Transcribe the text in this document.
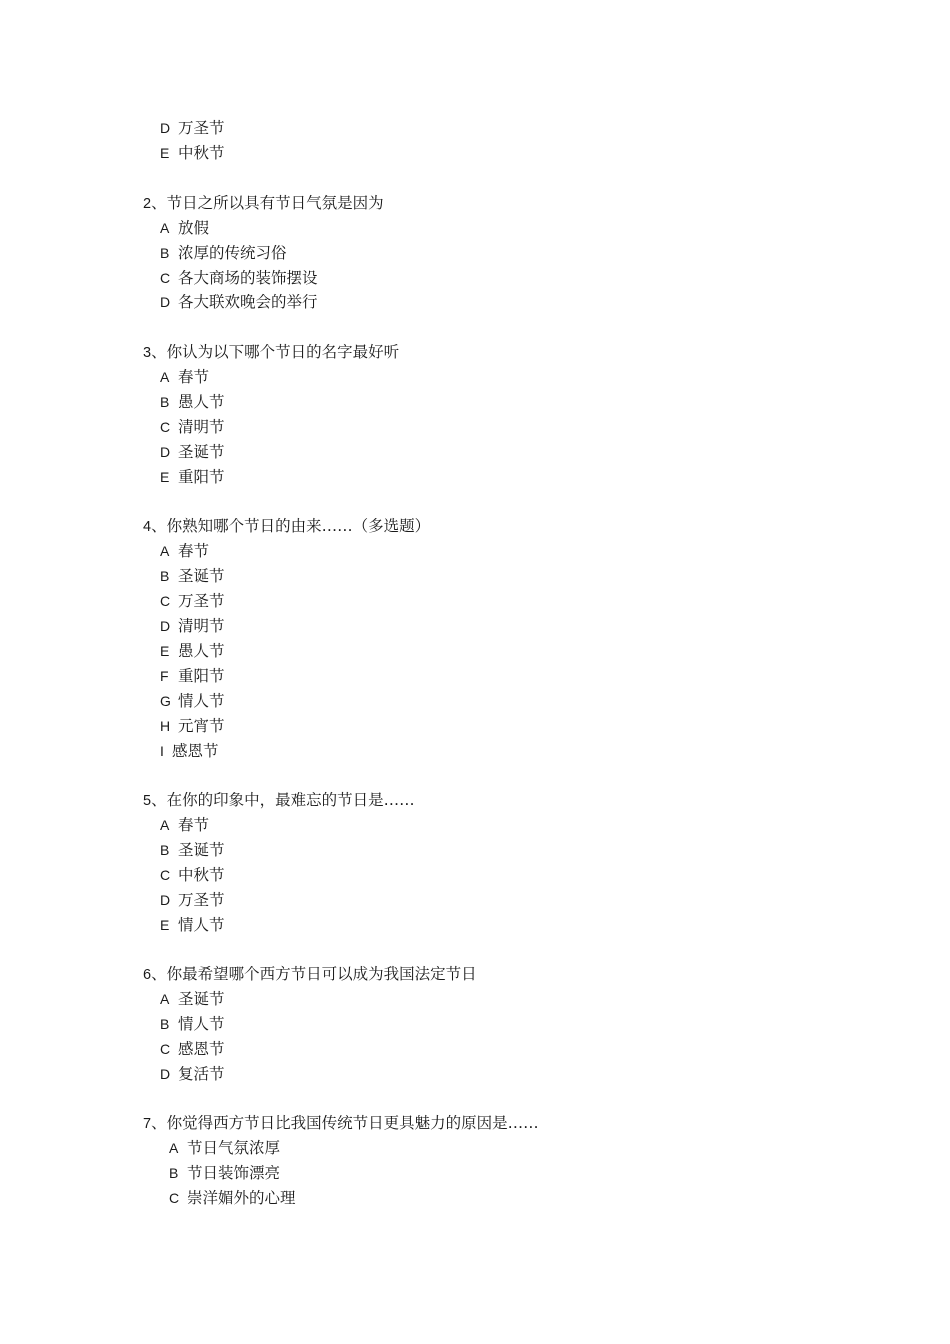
D 万圣节
E 中秋节
2、节日之所以具有节日气氛是因为
A 放假
B 浓厚的传统习俗
C 各大商场的装饰摆设
D 各大联欢晚会的举行
3、你认为以下哪个节日的名字最好听
A 春节
B 愚人节
C 清明节
D 圣诞节
E 重阳节
4、你熟知哪个节日的由来……（多选题）
A 春节
B 圣诞节
C 万圣节
D 清明节
E 愚人节
F 重阳节
G 情人节
H 元宵节
I 感恩节
5、在你的印象中，最难忘的节日是……
A 春节
B 圣诞节
C 中秋节
D 万圣节
E 情人节
6、你最希望哪个西方节日可以成为我国法定节日
A 圣诞节
B 情人节
C 感恩节
D 复活节
7、你觉得西方节日比我国传统节日更具魅力的原因是……
A 节日气氛浓厚
B 节日装饰漂亮
C 崇洋媚外的心理
